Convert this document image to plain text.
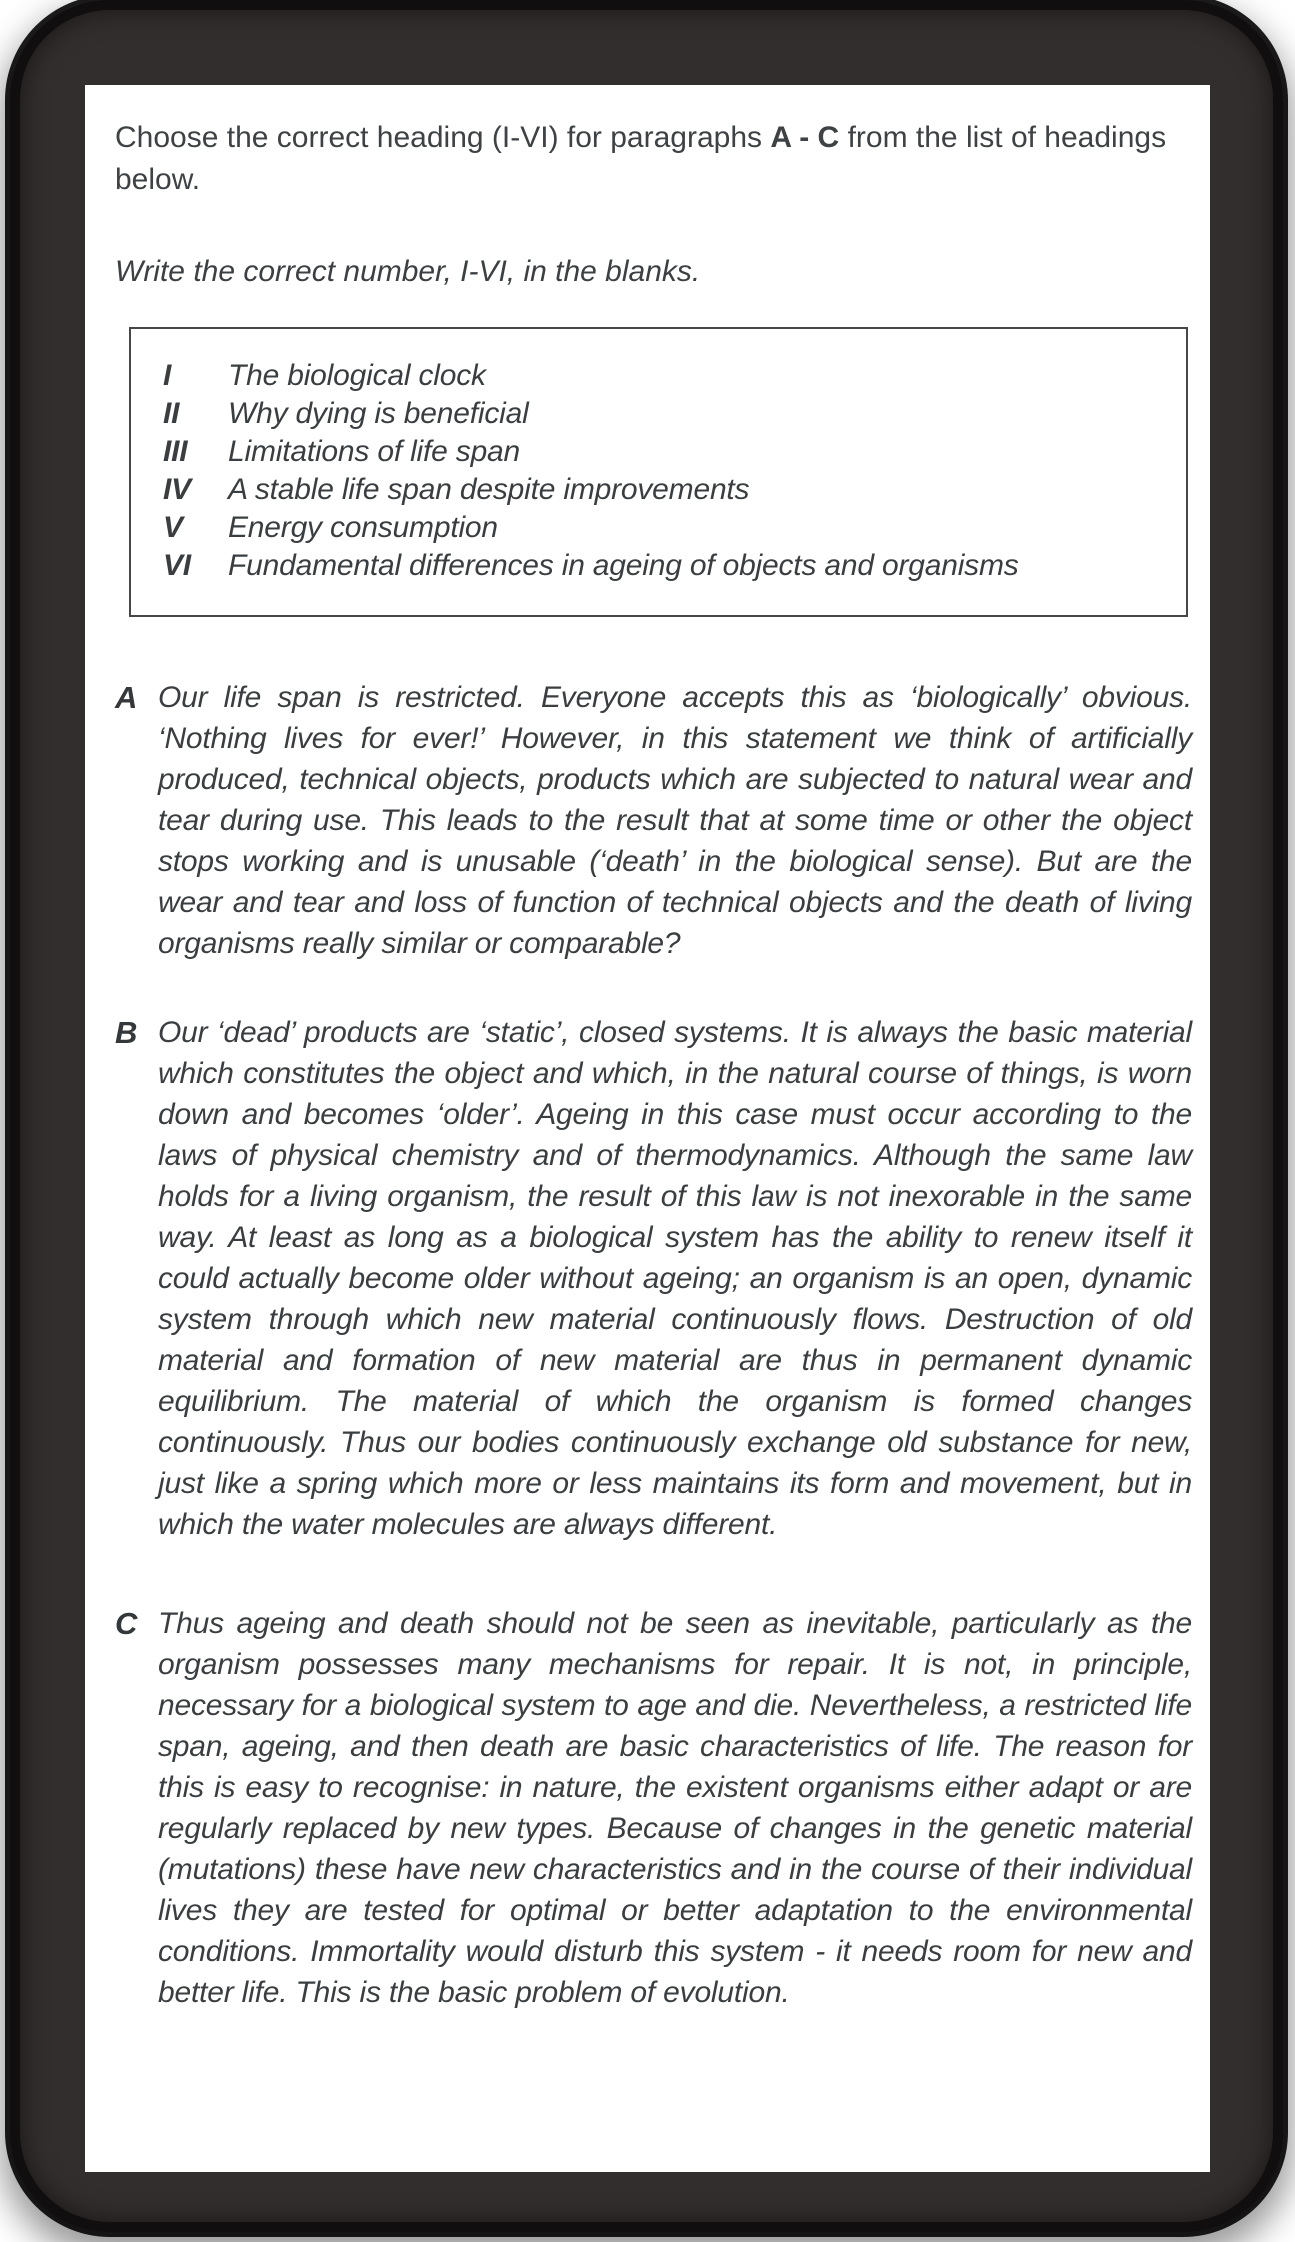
Choose the correct heading (I-VI) for paragraphs A - C from the list of headings below.

Write the correct number, I-VI, in the blanks.

I	The biological clock
II	Why dying is beneficial
III	Limitations of life span
IV	A stable life span despite improvements
V	Energy consumption
VI	Fundamental differences in ageing of objects and organisms
A Our life span is restricted. Everyone accepts this as ‘biologically’ obvious. ‘Nothing lives for ever!’ However, in this statement we think of artificially produced, technical objects, products which are subjected to natural wear and tear during use. This leads to the result that at some time or other the object stops working and is unusable (‘death’ in the biological sense). But are the wear and tear and loss of function of technical objects and the death of living organisms really similar or comparable?

B Our ‘dead’ products are ‘static’, closed systems. It is always the basic material which constitutes the object and which, in the natural course of things, is worn down and becomes ‘older’. Ageing in this case must occur according to the laws of physical chemistry and of thermodynamics. Although the same law holds for a living organism, the result of this law is not inexorable in the same way. At least as long as a biological system has the ability to renew itself it could actually become older without ageing; an organism is an open, dynamic system through which new material continuously flows. Destruction of old material and formation of new material are thus in permanent dynamic equilibrium. The material of which the organism is formed changes continuously. Thus our bodies continuously exchange old substance for new, just like a spring which more or less maintains its form and movement, but in which the water molecules are always different.

C Thus ageing and death should not be seen as inevitable, particularly as the organism possesses many mechanisms for repair. It is not, in principle, necessary for a biological system to age and die. Nevertheless, a restricted life span, ageing, and then death are basic characteristics of life. The reason for this is easy to recognise: in nature, the existent organisms either adapt or are regularly replaced by new types. Because of changes in the genetic material (mutations) these have new characteristics and in the course of their individual lives they are tested for optimal or better adaptation to the environmental conditions. Immortality would disturb this system - it needs room for new and better life. This is the basic problem of evolution.
